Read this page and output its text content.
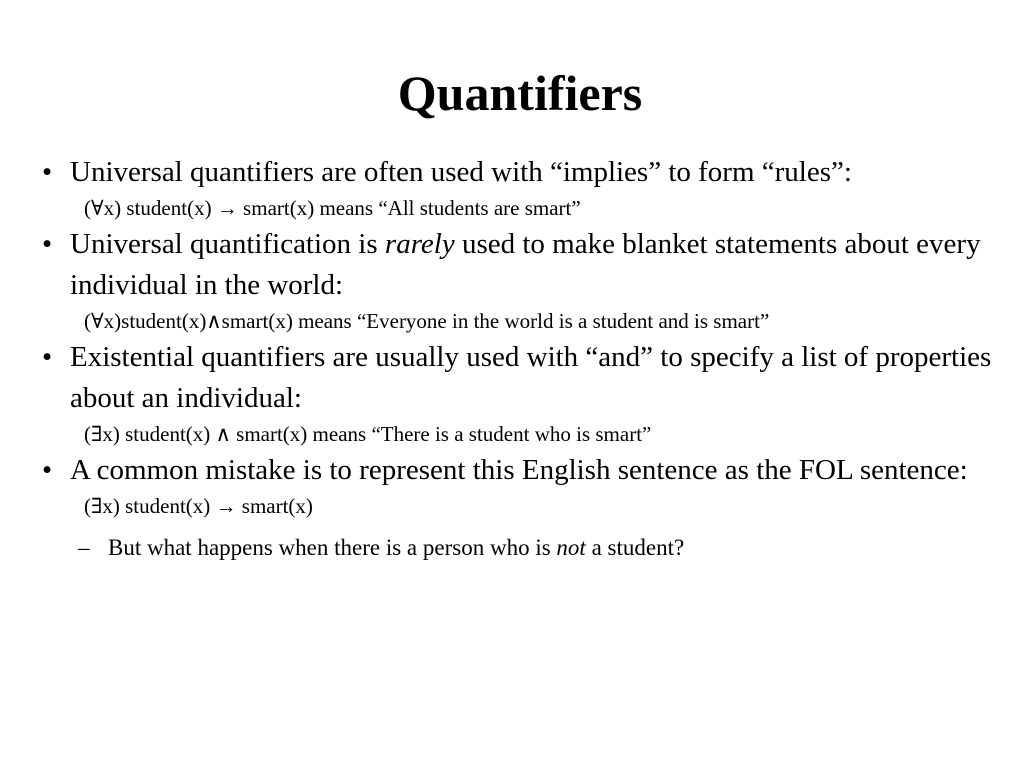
Quantifiers
• Universal quantifiers are often used with “implies” to form “rules”:
(∀x) student(x) → smart(x) means “All students are smart”
• Universal quantification is rarely used to make blanket statements about every individual in the world:
(∀x)student(x)∧smart(x) means “Everyone in the world is a student and is smart”
• Existential quantifiers are usually used with “and” to specify a list of properties about an individual:
(∃x) student(x) ∧ smart(x) means “There is a student who is smart”
• A common mistake is to represent this English sentence as the FOL sentence:
(∃x) student(x) → smart(x)
– But what happens when there is a person who is not a student?
